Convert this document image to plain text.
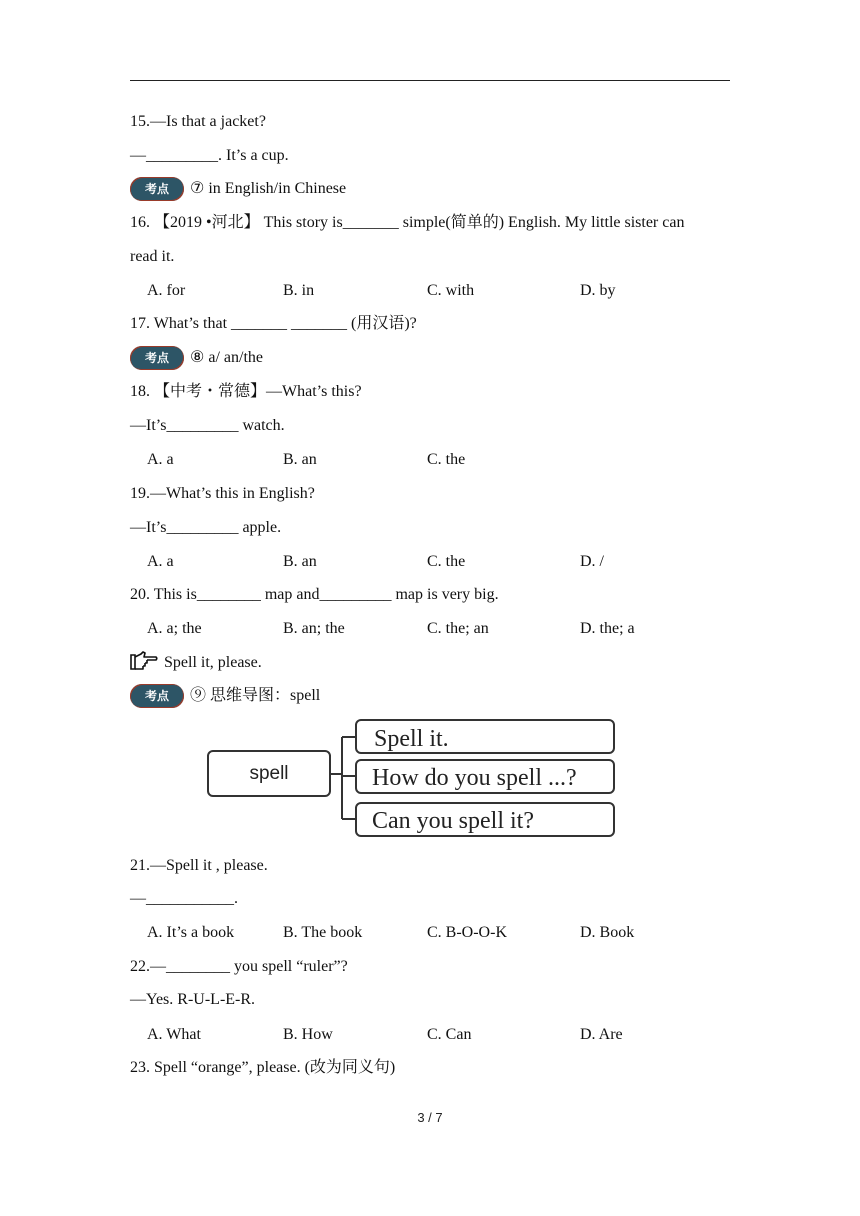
15.—Is that a jacket?
—_________. It’s a cup.
考点 ⑦ in English/in Chinese
16. 【2019 •河北】 This story is_______ simple(简单的) English. My little sister can
read it.
A. for	B. in	C. with	D. by
17. What’s that _______ _______ (用汉语)?
考点 ⑧ a/ an/the
18. 【中考・常德】—What’s this?
—It’s_________ watch.
A. a	B. an	C. the
19.—What’s this in English?
—It’s_________ apple.
A. a	B. an	C. the	D. /
20. This is________ map and_________ map is very big.
A. a; the	B. an; the	C. the; an	D. the; a
Spell it, please.
考点 ⑨ 思维导图：spell
spell
Spell it.
How do you spell ...?
Can you spell it?
21.—Spell it , please.
—___________.
A. It’s a book	B. The book	C. B-O-O-K	D. Book
22.—________ you spell “ruler”?
—Yes. R-U-L-E-R.
A. What	B. How	C. Can	D. Are
23. Spell “orange”, please. (改为同义句)
3 / 7
